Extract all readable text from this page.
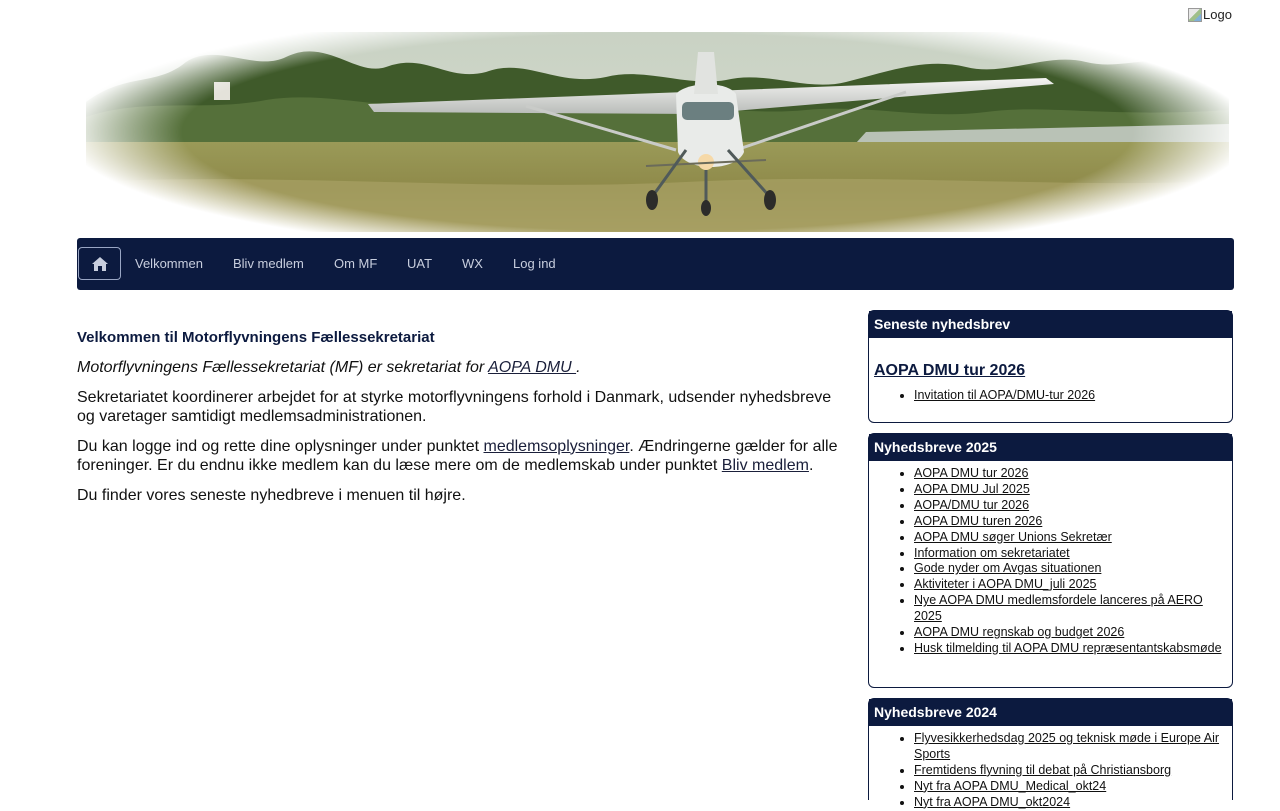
Logo
Velkommen Bliv medlem Om MF UAT WX Log ind
Velkommen til Motorflyvningens Fællessekretariat

Motorflyvningens Fællessekretariat (MF) er sekretariat for AOPA DMU .

Sekretariatet koordinerer arbejdet for at styrke motorflyvningens forhold i Danmark, udsender nyhedsbreve og varetager samtidigt medlemsadministrationen.

Du kan logge ind og rette dine oplysninger under punktet medlemsoplysninger. Ændringerne gælder for alle foreninger. Er du endnu ikke medlem kan du læse mere om de medlemskab under punktet Bliv medlem.

Du finder vores seneste nyhedbreve i menuen til højre.

Seneste nyhedsbrev
AOPA DMU tur 2026
• Invitation til AOPA/DMU-tur 2026
Nyhedsbreve 2025
• AOPA DMU tur 2026
• AOPA DMU Jul 2025
• AOPA/DMU tur 2026
• AOPA DMU turen 2026
• AOPA DMU søger Unions Sekretær
• Information om sekretariatet
• Gode nyder om Avgas situationen
• Aktiviteter i AOPA DMU_juli 2025
• Nye AOPA DMU medlemsfordele lanceres på AERO 2025
• AOPA DMU regnskab og budget 2026
• Husk tilmelding til AOPA DMU repræsentantskabsmøde
Nyhedsbreve 2024
• Flyvesikkerhedsdag 2025 og teknisk møde i Europe Air Sports
• Fremtidens flyvning til debat på Christiansborg
• Nyt fra AOPA DMU_Medical_okt24
• Nyt fra AOPA DMU_okt2024
